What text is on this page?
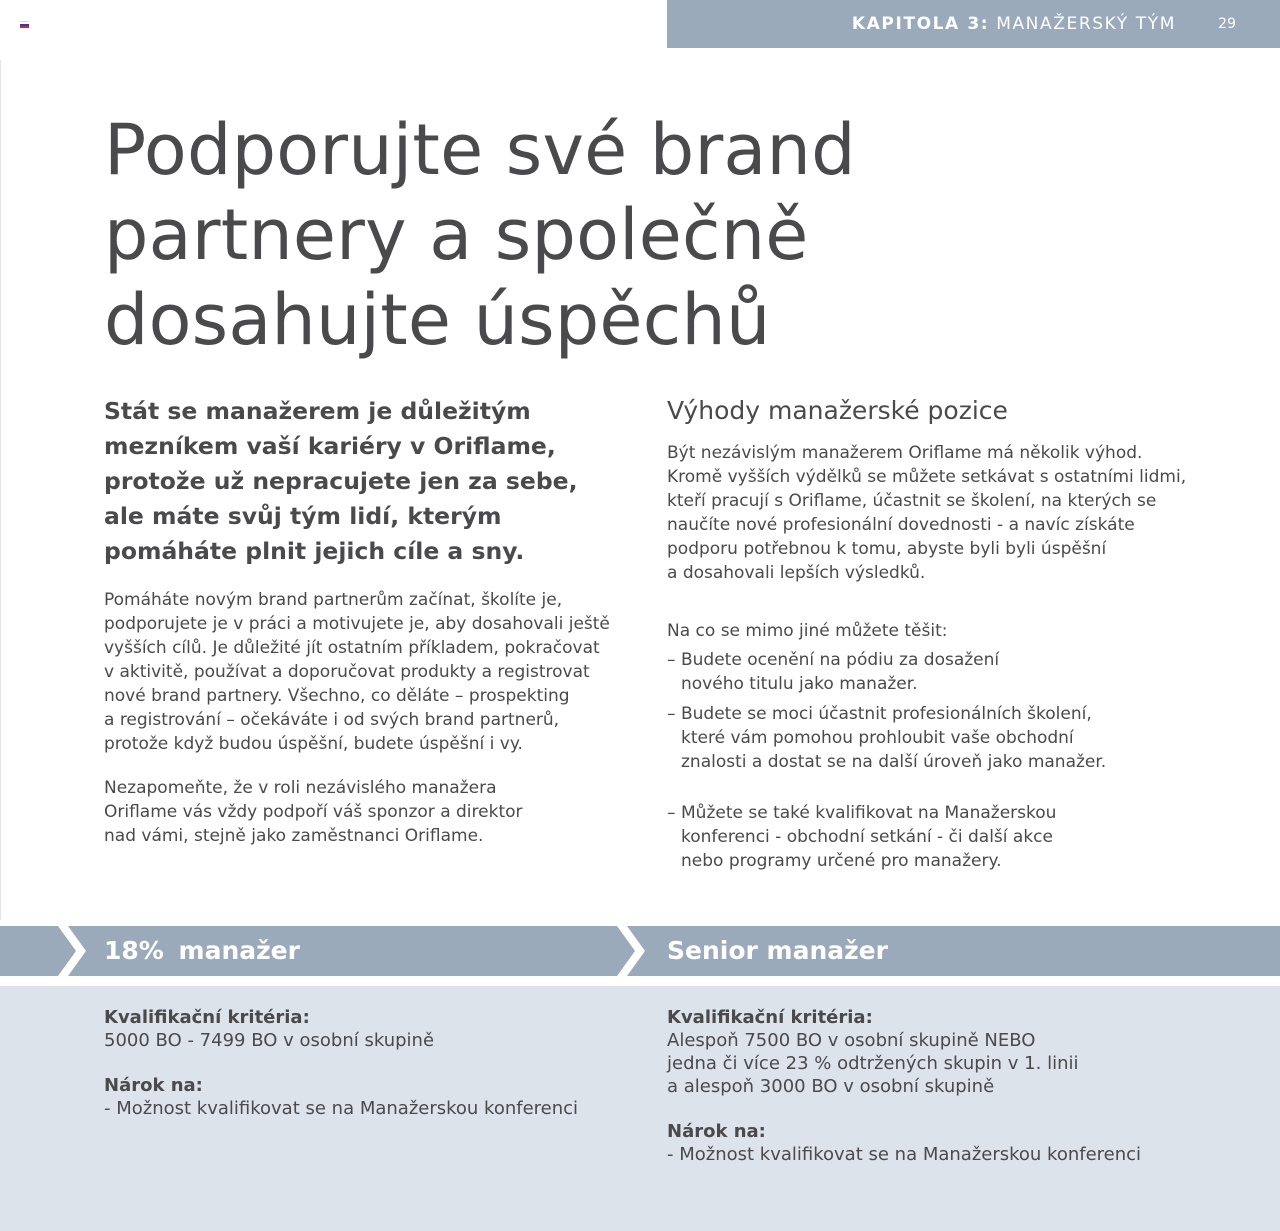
KAPITOLA 3: MANAŽERSKÝ TÝM	29
Podporujte své brand
partnery a společně
dosahujte úspěchů

Stát se manažerem je důležitým
mezníkem vaší kariéry v Oriflame,
protože už nepracujete jen za sebe,
ale máte svůj tým lidí, kterým
pomáháte plnit jejich cíle a sny.

Pomáháte novým brand partnerům začínat, školíte je,
podporujete je v práci a motivujete je, aby dosahovali ještě
vyšších cílů. Je důležité jít ostatním příkladem, pokračovat
v aktivitě, používat a doporučovat produkty a registrovat
nové brand partnery. Všechno, co děláte – prospekting
a registrování – očekáváte i od svých brand partnerů,
protože když budou úspěšní, budete úspěšní i vy.

Nezapomeňte, že v roli nezávislého manažera
Oriflame vás vždy podpoří váš sponzor a direktor
nad vámi, stejně jako zaměstnanci Oriflame.

Výhody manažerské pozice

Být nezávislým manažerem Oriflame má několik výhod.
Kromě vyšších výdělků se můžete setkávat s ostatními lidmi,
kteří pracují s Oriflame, účastnit se školení, na kterých se
naučíte nové profesionální dovednosti - a navíc získáte
podporu potřebnou k tomu, abyste byli byli úspěšní
a dosahovali lepších výsledků.

Na co se mimo jiné můžete těšit:

– Budete ocenění na pódiu za dosažení
nového titulu jako manažer.
– Budete se moci účastnit profesionálních školení,
které vám pomohou prohloubit vaše obchodní
znalosti a dostat se na další úroveň jako manažer.
– Můžete se také kvalifikovat na Manažerskou
konferenci - obchodní setkání - či další akce
nebo programy určené pro manažery.
18% manažer	Senior manažer

Kvalifikační kritéria:

5000 BO - 7499 BO v osobní skupině

Nárok na:

- Možnost kvalifikovat se na Manažerskou konferenci

Kvalifikační kritéria:

Alespoň 7500 BO v osobní skupině NEBO

jedna či více 23 % odtržených skupin v 1. linii

a alespoň 3000 BO v osobní skupině

Nárok na:

- Možnost kvalifikovat se na Manažerskou konferenci
